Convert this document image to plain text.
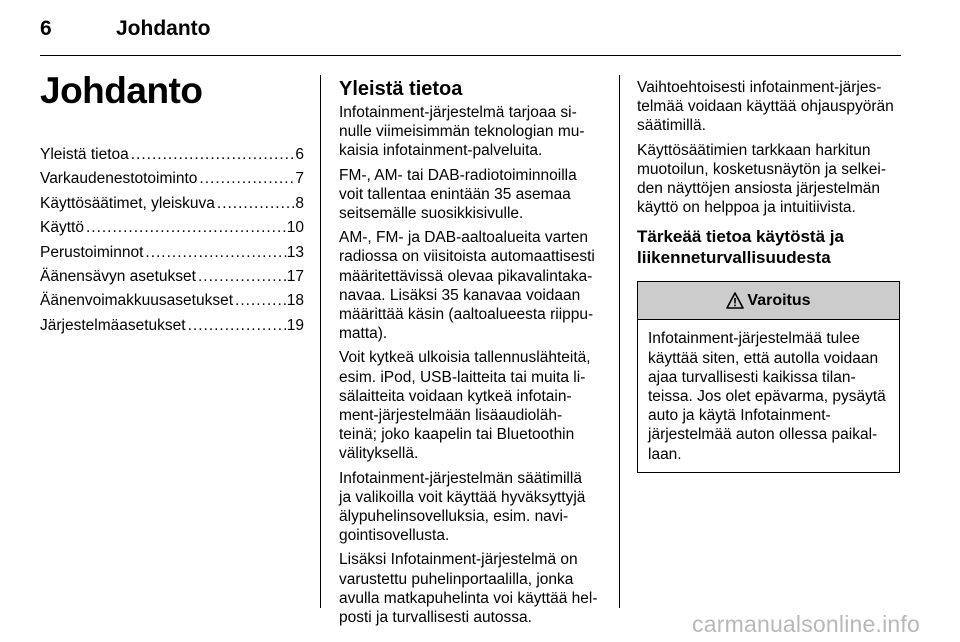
6	Johdanto
Johdanto
Yleistä tietoa .....	6
Varkaudenestotoiminto .....	7
Käyttösäätimet, yleiskuva .....	8
Käyttö .....	10
Perustoiminnot .....	13
Äänensävyn asetukset .....	17
Äänenvoimakkuusasetukset .....	18
Järjestelmäasetukset .....	19
Yleistä tietoa

Infotainment-järjestelmä tarjoaa si-
nulle viimeisimmän teknologian mu-
kaisia infotainment-palveluita.

FM-, AM- tai DAB-radiotoiminnoilla
voit tallentaa enintään 35 asemaa
seitsemälle suosikkisivulle.

AM-, FM- ja DAB-aaltoalueita varten
radiossa on viisitoista automaattisesti
määritettävissä olevaa pikavalintaka-
navaa. Lisäksi 35 kanavaa voidaan
määrittää käsin (aaltoalueesta riippu-
matta).

Voit kytkeä ulkoisia tallennuslähteitä,
esim. iPod, USB-laitteita tai muita li-
sälaitteita voidaan kytkeä infotain-
ment-järjestelmään lisäaudioläh-
teinä; joko kaapelin tai Bluetoothin
välityksellä.

Infotainment-järjestelmän säätimillä
ja valikoilla voit käyttää hyväksyttyjä
älypuhelinsovelluksia, esim. navi-
gointisovellusta.

Lisäksi Infotainment-järjestelmä on
varustettu puhelinportaalilla, jonka
avulla matkapuhelinta voi käyttää hel-
posti ja turvallisesti autossa.

Vaihtoehtoisesti infotainment-järjes-
telmää voidaan käyttää ohjauspyörän
säätimillä.

Käyttösäätimien tarkkaan harkitun
muotoilun, kosketusnäytön ja selkei-
den näyttöjen ansiosta järjestelmän
käyttö on helppoa ja intuitiivista.

Tärkeää tietoa käytöstä ja
liikenneturvallisuudesta
Varoitus
Infotainment-järjestelmää tulee
käyttää siten, että autolla voidaan
ajaa turvallisesti kaikissa tilan-
teissa. Jos olet epävarma, pysäytä
auto ja käytä Infotainment-
järjestelmää auton ollessa paikal-
laan.
carmanualsonline.info
